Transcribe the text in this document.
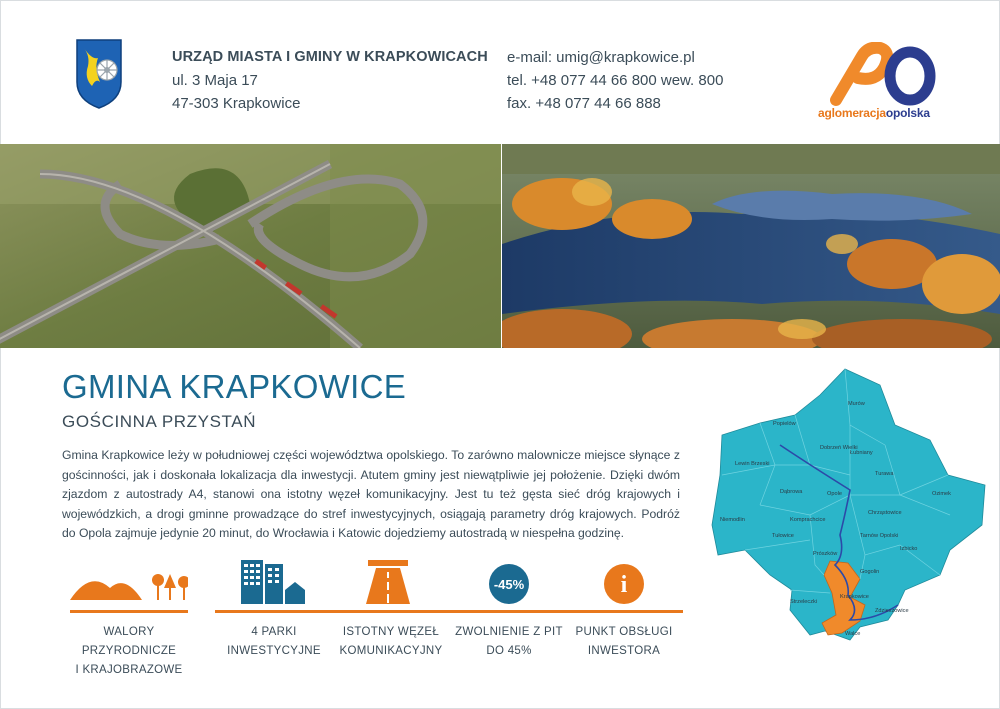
URZĄD MIASTA I GMINY W KRAPKOWICACH
ul. 3 Maja 17
47-303 Krapkowice
e-mail: umig@krapkowice.pl
tel. +48 077 44 66 800 wew. 800
fax. +48 077 44 66 888
aglomeracjaopolska
GMINA KRAPKOWICE
GOŚCINNA PRZYSTAŃ
Gmina Krapkowice leży w południowej części województwa opolskiego. To zarówno malownicze miejsce słynące z gościnności, jak i doskonała lokalizacja dla inwestycji. Atutem gminy jest niewątpliwie jej położenie. Dzięki dwóm zjazdom z autostrady A4, stanowi ona istotny węzeł komunikacyjny. Jest tu też gęsta sieć dróg krajowych i wojewódzkich, a drogi gminne prowadzące do stref inwestycyjnych, osiągają parametry dróg krajowych. Podróż do Opola zajmuje jedynie 20 minut, do Wrocławia i Katowic dojedziemy autostradą w niespełna godzinę.
WALORY PRZYRODNICZE
I KRAJOBRAZOWE
4 PARKI
INWESTYCYJNE
ISTOTNY WĘZEŁ
KOMUNIKACYJNY
-45%
ZWOLNIENIE Z PIT
DO 45%
i
PUNKT OBSŁUGI
INWESTORA
Murów
Popielów
Dobrzeń Wielki
Łubniany
Lewin Brzeski
Turawa
Dąbrowa	Opole	Ozimek
Chrząstowice
Niemodlin	Komprachcice
Tułowice	Tarnów Opolski
Izbicko
Prószków
Gogolin
Krapkowice
Strzeleczki
Zdzieszowice
Walce
